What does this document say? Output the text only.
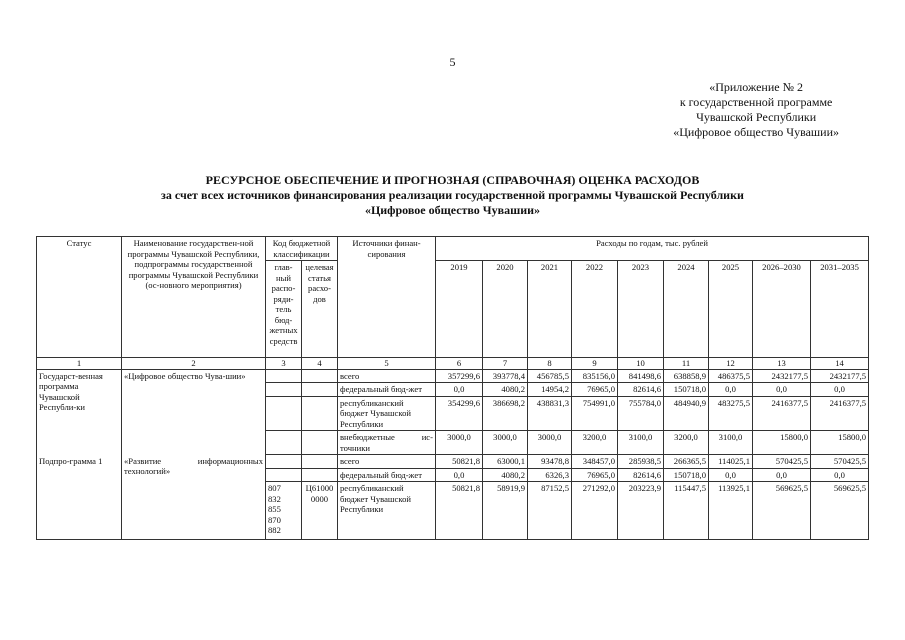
5
«Приложение № 2
к государственной программе
Чувашской Республики
«Цифровое общество Чувашии»
РЕСУРСНОЕ ОБЕСПЕЧЕНИЕ И ПРОГНОЗНАЯ (СПРАВОЧНАЯ) ОЦЕНКА РАСХОДОВ
за счет всех источников финансирования реализации государственной программы Чувашской Республики
«Цифровое общество Чувашии»
Статус	Наименование государствен-ной программы Чувашской Республики, подпрограммы государственной программы Чувашской Республики (ос-новного мероприятия)	Код бюджетной классификации		Источники финан-сирования	Расходы по годам, тыс. рублей								
		глав-ный распо-ряди-тель бюд-жетных средств	целевая статья расхо-дов		2019	2020	2021	2022	2023	2024	2025	2026–2030	2031–2035
1	2	3	4	5	6	7	8	9	10	11	12	13	14
Государст-венная программа Чувашской Республи-ки	«Цифровое общество Чува-шии»			всего	357299,6	393778,4	456785,5	835156,0	841498,6	638858,9	486375,5	2432177,5	2432177,5
				федеральный бюд-жет	0,0	4080,2	14954,2	76965,0	82614,6	150718,0	0,0	0,0	0,0
				республиканский бюджет Чувашской Республики	354299,6	386698,2	438831,3	754991,0	755784,0	484940,9	483275,5	2416377,5	2416377,5
				внебюджетные ис-точники	3000,0	3000,0	3000,0	3200,0	3100,0	3200,0	3100,0	15800,0	15800,0
Подпро-грамма 1	«Развитие информационных технологий»			всего	50821,8	63000,1	93478,8	348457,0	285938,5	266365,5	114025,1	570425,5	570425,5
				федеральный бюд-жет	0,0	4080,2	6326,3	76965,0	82614,6	150718,0	0,0	0,0	0,0

		807 832 855 870 882	Ц61000 0000	республиканский бюджет Чувашской Республики	50821,8	58919,9	87152,5	271292,0	203223,9	115447,5	113925,1	569625,5	569625,5
